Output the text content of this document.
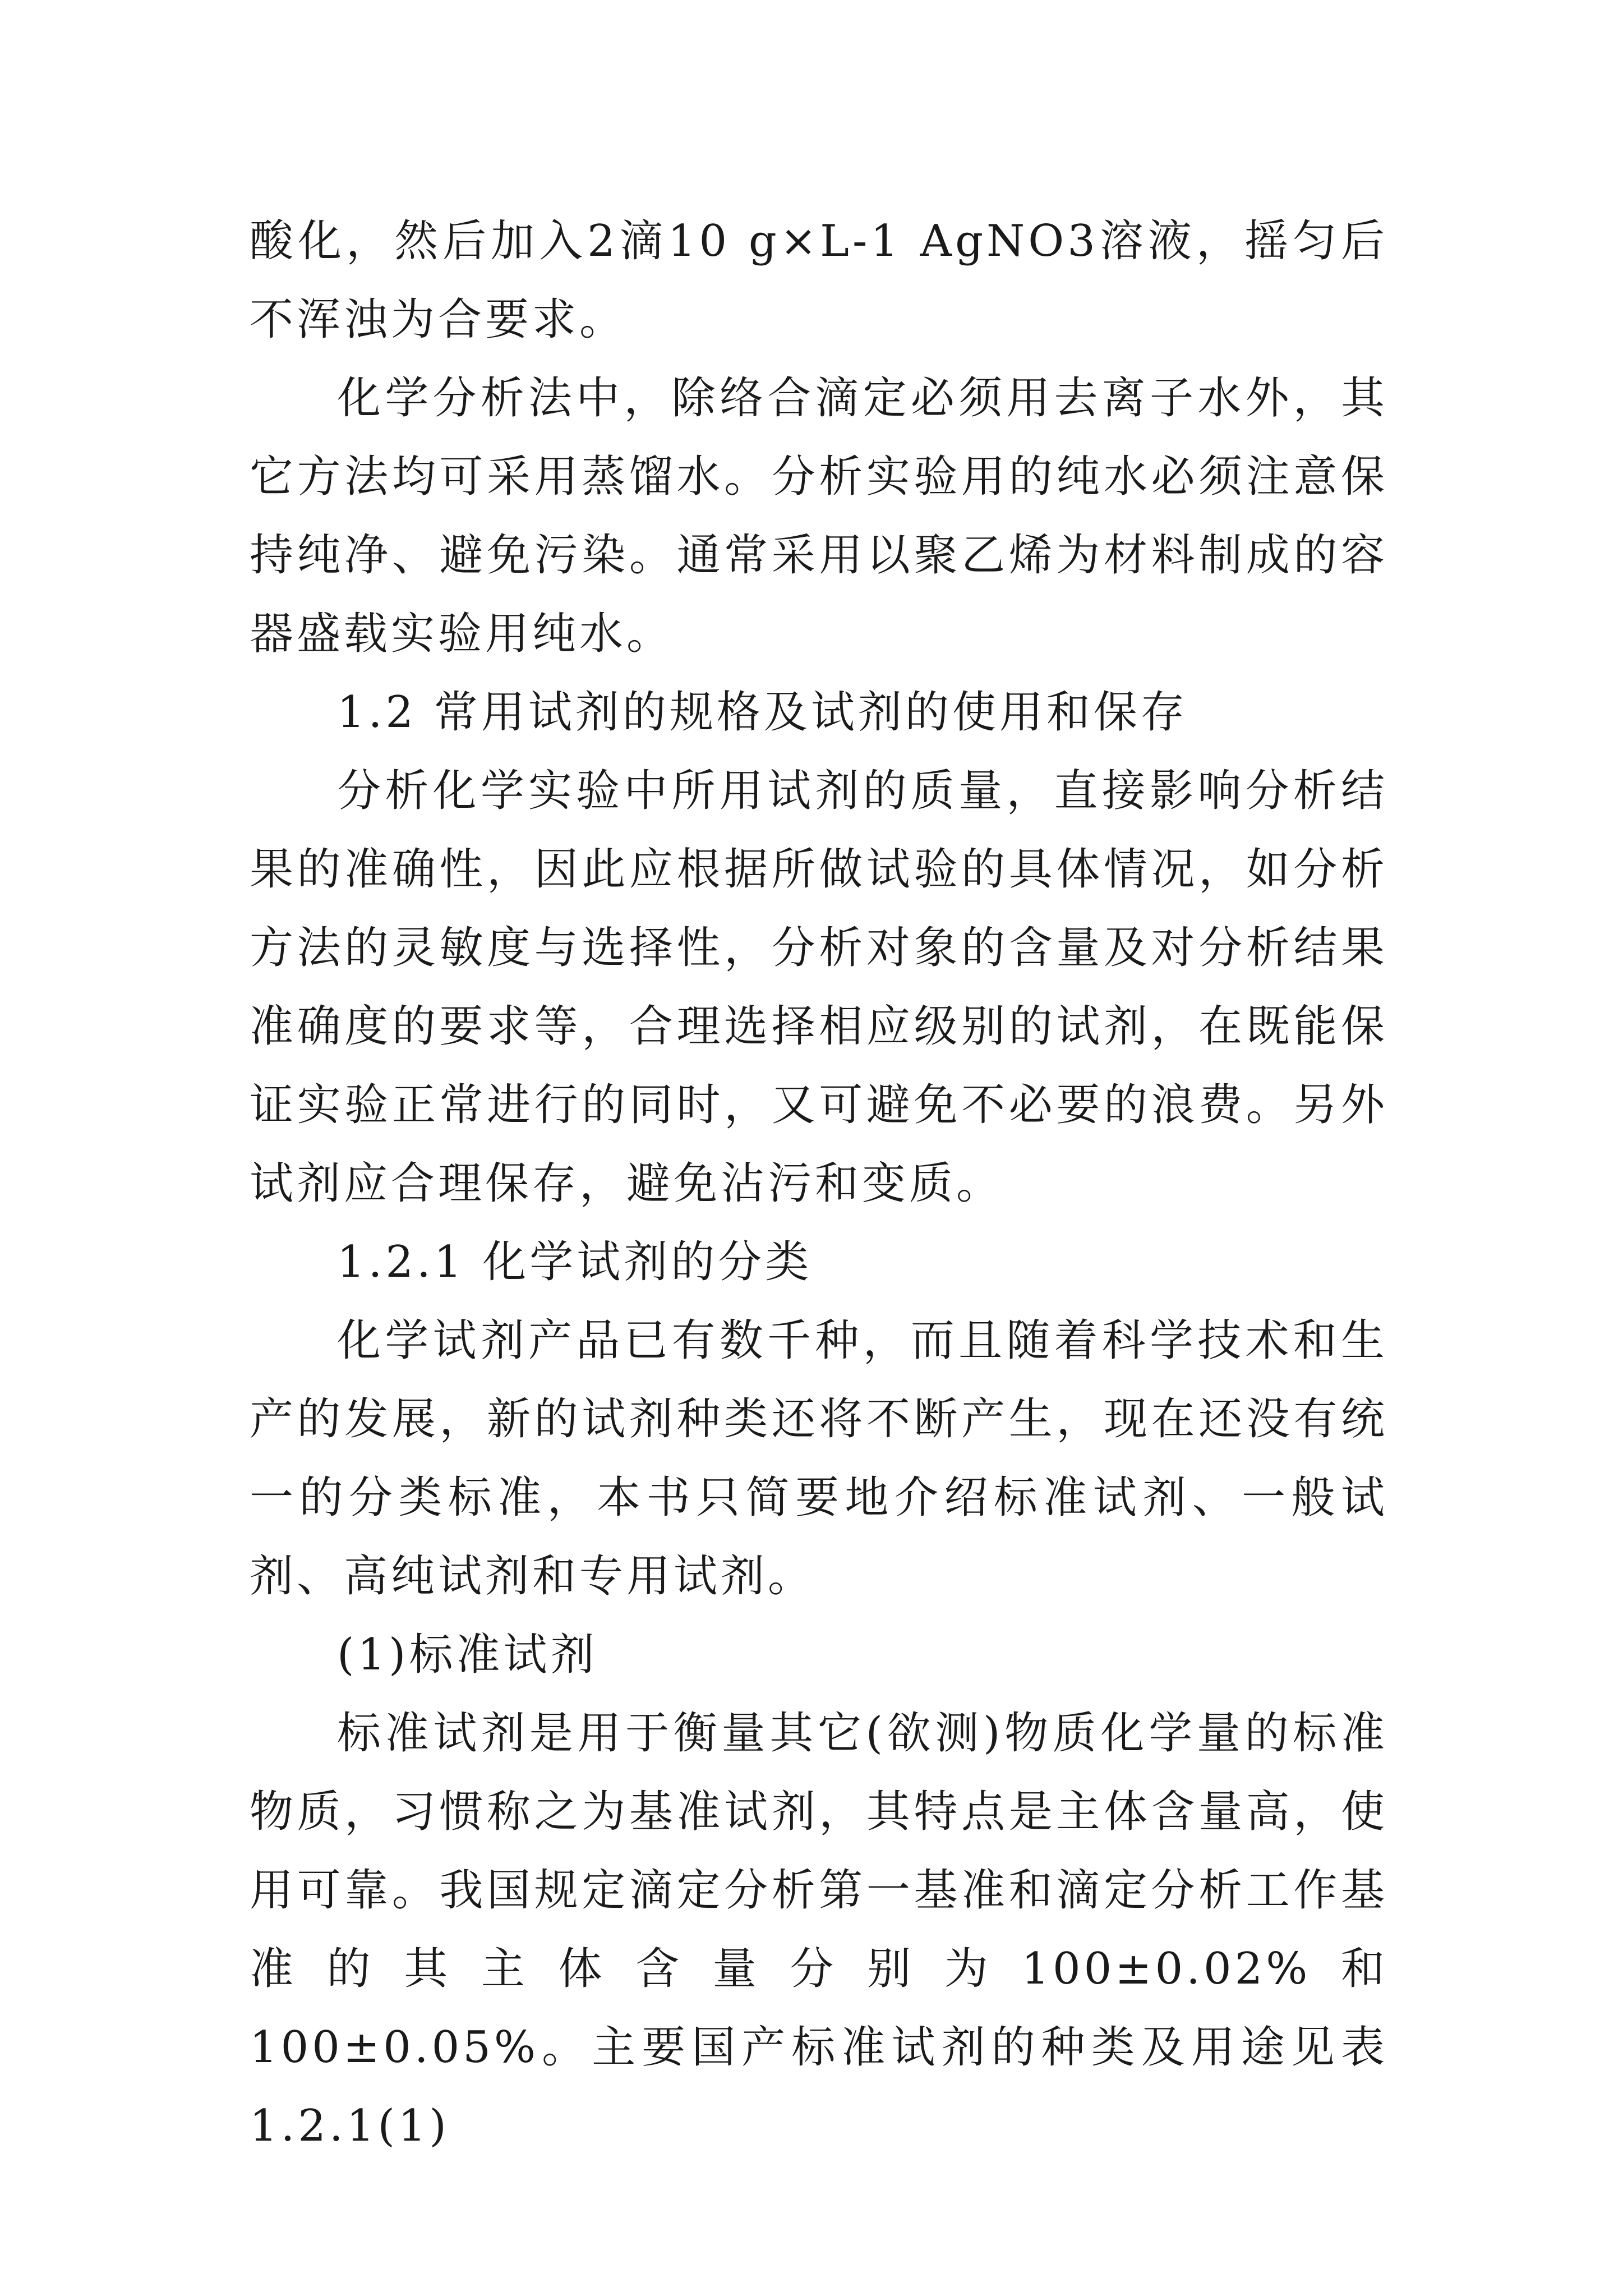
酸化，然后加入2滴10 g×L-1 AgNO3溶液，摇匀后不浑浊为合要求。

化学分析法中，除络合滴定必须用去离子水外，其它方法均可采用蒸馏水。分析实验用的纯水必须注意保持纯净、避免污染。通常采用以聚乙烯为材料制成的容器盛载实验用纯水。

1.2 常用试剂的规格及试剂的使用和保存

分析化学实验中所用试剂的质量，直接影响分析结果的准确性，因此应根据所做试验的具体情况，如分析方法的灵敏度与选择性，分析对象的含量及对分析结果准确度的要求等，合理选择相应级别的试剂，在既能保证实验正常进行的同时，又可避免不必要的浪费。另外试剂应合理保存，避免沾污和变质。

1.2.1 化学试剂的分类

化学试剂产品已有数千种，而且随着科学技术和生产的发展，新的试剂种类还将不断产生，现在还没有统一的分类标准，本书只简要地介绍标准试剂、一般试剂、高纯试剂和专用试剂。

(1)标准试剂

标准试剂是用于衡量其它(欲测)物质化学量的标准物质，习惯称之为基准试剂，其特点是主体含量高，使用可靠。我国规定滴定分析第一基准和滴定分析工作基准的其主体含量分别为100±0.02%和100±0.05%。主要国产标准试剂的种类及用途见表1.2.1(1)
